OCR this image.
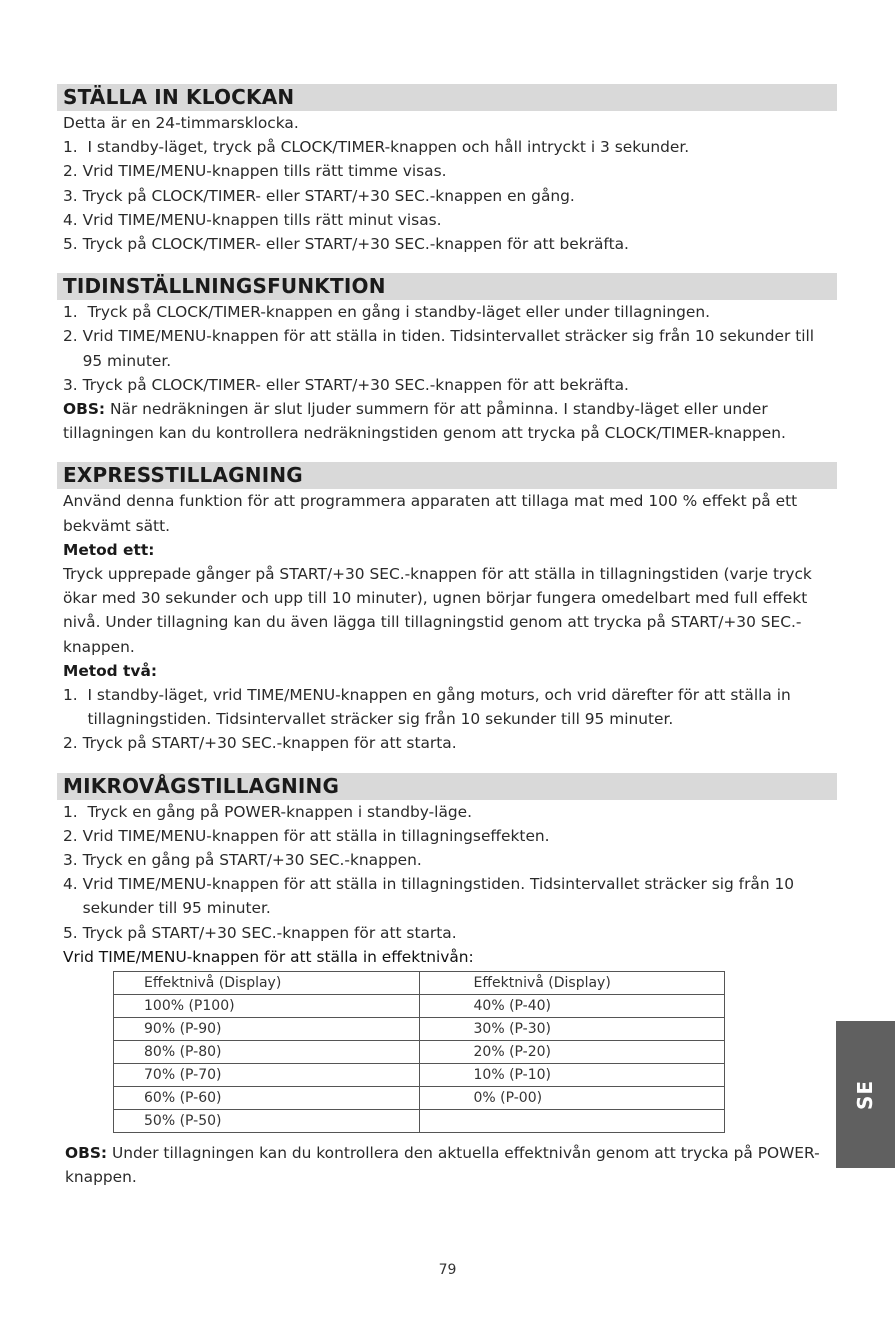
STÄLLA IN KLOCKAN
Detta är en 24-timmarsklocka.
1. I standby-läget, tryck på CLOCK/TIMER-knappen och håll intryckt i 3 sekunder.
2. Vrid TIME/MENU-knappen tills rätt timme visas.
3. Tryck på CLOCK/TIMER- eller START/+30 SEC.-knappen en gång.
4. Vrid TIME/MENU-knappen tills rätt minut visas.
5. Tryck på CLOCK/TIMER- eller START/+30 SEC.-knappen för att bekräfta.
TIDINSTÄLLNINGSFUNKTION
1. Tryck på CLOCK/TIMER-knappen en gång i standby-läget eller under tillagningen.
2. Vrid TIME/MENU-knappen för att ställa in tiden. Tidsintervallet sträcker sig från 10 sekunder till 95 minuter.
3. Tryck på CLOCK/TIMER- eller START/+30 SEC.-knappen för att bekräfta.
OBS: När nedräkningen är slut ljuder summern för att påminna. I standby-läget eller under tillagningen kan du kontrollera nedräkningstiden genom att trycka på CLOCK/TIMER-knappen.
EXPRESSTILLAGNING
Använd denna funktion för att programmera apparaten att tillaga mat med 100 % effekt på ett bekvämt sätt.
Metod ett:
Tryck upprepade gånger på START/+30 SEC.-knappen för att ställa in tillagningstiden (varje tryck ökar med 30 sekunder och upp till 10 minuter), ugnen börjar fungera omedelbart med full effekt nivå. Under tillagning kan du även lägga till tillagningstid genom att trycka på START/+30 SEC.-knappen.
Metod två:
1. I standby-läget, vrid TIME/MENU-knappen en gång moturs, och vrid därefter för att ställa in tillagningstiden. Tidsintervallet sträcker sig från 10 sekunder till 95 minuter.
2. Tryck på START/+30 SEC.-knappen för att starta.
MIKROVÅGSTILLAGNING
1. Tryck en gång på POWER-knappen i standby-läge.
2. Vrid TIME/MENU-knappen för att ställa in tillagningseffekten.
3. Tryck en gång på START/+30 SEC.-knappen.
4. Vrid TIME/MENU-knappen för att ställa in tillagningstiden. Tidsintervallet sträcker sig från 10 sekunder till 95 minuter.
5. Tryck på START/+30 SEC.-knappen för att starta.
Vrid TIME/MENU-knappen för att ställa in effektnivån:
Effektnivå (Display)	Effektnivå (Display)
100% (P100)	40% (P-40)
90% (P-90)	30% (P-30)
80% (P-80)	20% (P-20)
70% (P-70)	10% (P-10)
60% (P-60)	0% (P-00)
50% (P-50)	
OBS: Under tillagningen kan du kontrollera den aktuella effektnivån genom att trycka på POWER-knappen.
79
SE
